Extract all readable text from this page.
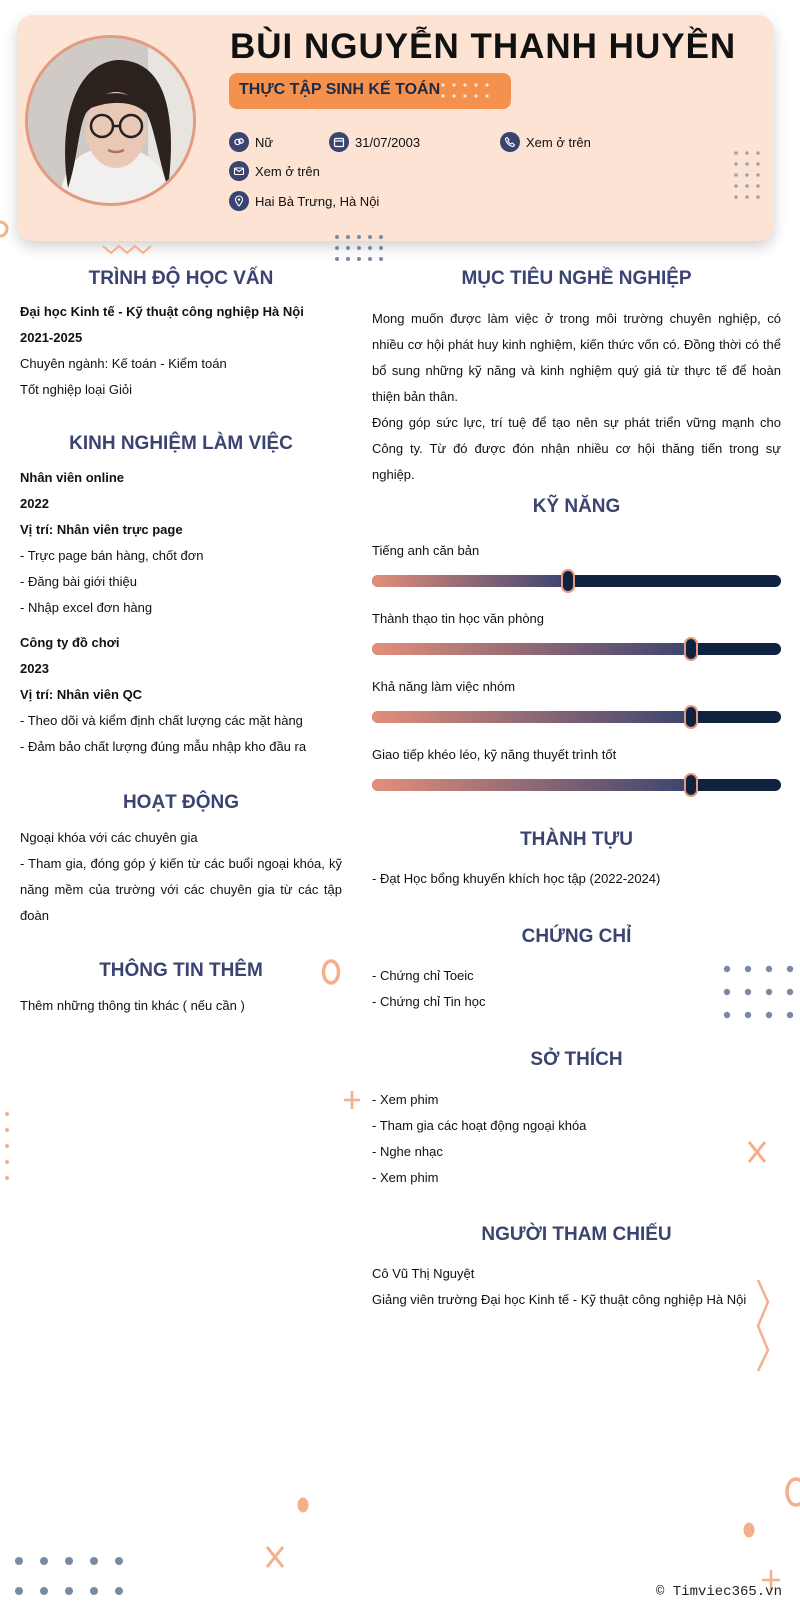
BÙI NGUYỄN THANH HUYỀN
THỰC TẬP SINH KẾ TOÁN
Nữ	31/07/2003	Xem ở trên
Xem ở trên
Hai Bà Trưng, Hà Nội
TRÌNH ĐỘ HỌC VẤN
Đại học Kinh tế - Kỹ thuật công nghiệp Hà Nội
2021-2025
Chuyên ngành: Kế toán - Kiểm toán
Tốt nghiệp loại Giỏi
KINH NGHIỆM LÀM VIỆC
Nhân viên online
2022
Vị trí: Nhân viên trực page
- Trực page bán hàng, chốt đơn
- Đăng bài giới thiệu
- Nhập excel đơn hàng
Công ty đồ chơi
2023
Vị trí: Nhân viên QC
- Theo dõi và kiểm định chất lượng các mặt hàng
- Đảm bảo chất lượng đúng mẫu nhập kho đầu ra
HOẠT ĐỘNG
Ngoại khóa với các chuyên gia
- Tham gia, đóng góp ý kiến từ các buổi ngoại khóa, kỹ năng mềm của trường với các chuyên gia từ các tập đoàn
THÔNG TIN THÊM
Thêm những thông tin khác ( nếu cần )
MỤC TIÊU NGHỀ NGHIỆP
Mong muốn được làm việc ở trong môi trường chuyên nghiệp, có nhiều cơ hội phát huy kinh nghiệm, kiến thức vốn có. Đồng thời có thể bổ sung những kỹ năng và kinh nghiệm quý giá từ thực tế để hoàn thiện bản thân.
Đóng góp sức lực, trí tuệ để tạo nên sự phát triển vững mạnh cho Công ty. Từ đó được đón nhận nhiều cơ hội thăng tiến trong sự nghiệp.
KỸ NĂNG
Tiếng anh căn bản
Thành thạo tin học văn phòng
Khả năng làm việc nhóm
Giao tiếp khéo léo, kỹ năng thuyết trình tốt
THÀNH TỰU
- Đạt Học bổng khuyến khích học tập (2022-2024)
CHỨNG CHỈ
- Chứng chỉ Toeic
- Chứng chỉ Tin học
SỞ THÍCH
- Xem phim
- Tham gia các hoạt động ngoại khóa
- Nghe nhạc
- Xem phim
NGƯỜI THAM CHIẾU
Cô Vũ Thị Nguyệt
Giảng viên trường Đại học Kinh tế - Kỹ thuật công nghiệp Hà Nội
© Timviec365.vn
